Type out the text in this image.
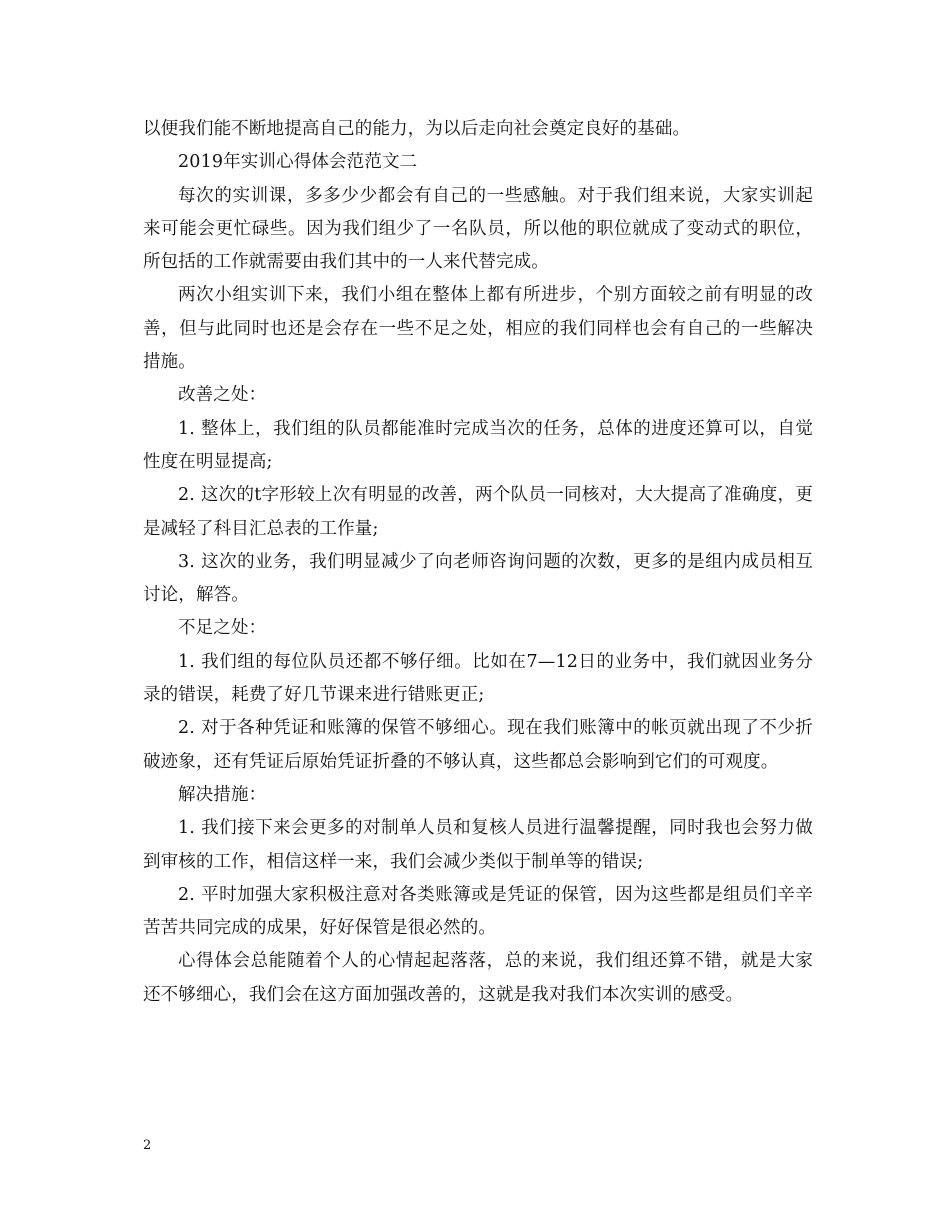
以便我们能不断地提高自己的能力，为以后走向社会奠定良好的基础。

2019年实训心得体会范范文二

每次的实训课，多多少少都会有自己的一些感触。对于我们组来说，大家实训起来可能会更忙碌些。因为我们组少了一名队员，所以他的职位就成了变动式的职位，所包括的工作就需要由我们其中的一人来代替完成。

两次小组实训下来，我们小组在整体上都有所进步，个别方面较之前有明显的改善，但与此同时也还是会存在一些不足之处，相应的我们同样也会有自己的一些解决措施。

改善之处：

1. 整体上，我们组的队员都能准时完成当次的任务，总体的进度还算可以，自觉性度在明显提高;

2. 这次的t字形较上次有明显的改善，两个队员一同核对，大大提高了准确度，更是减轻了科目汇总表的工作量;

3. 这次的业务，我们明显减少了向老师咨询问题的次数，更多的是组内成员相互讨论，解答。

不足之处：

1. 我们组的每位队员还都不够仔细。比如在7—12日的业务中，我们就因业务分录的错误，耗费了好几节课来进行错账更正;

2. 对于各种凭证和账簿的保管不够细心。现在我们账簿中的帐页就出现了不少折破迹象，还有凭证后原始凭证折叠的不够认真，这些都总会影响到它们的可观度。

解决措施：

1. 我们接下来会更多的对制单人员和复核人员进行温馨提醒，同时我也会努力做到审核的工作，相信这样一来，我们会减少类似于制单等的错误;

2. 平时加强大家积极注意对各类账簿或是凭证的保管，因为这些都是组员们辛辛苦苦共同完成的成果，好好保管是很必然的。

心得体会总能随着个人的心情起起落落，总的来说，我们组还算不错，就是大家还不够细心，我们会在这方面加强改善的，这就是我对我们本次实训的感受。

2
